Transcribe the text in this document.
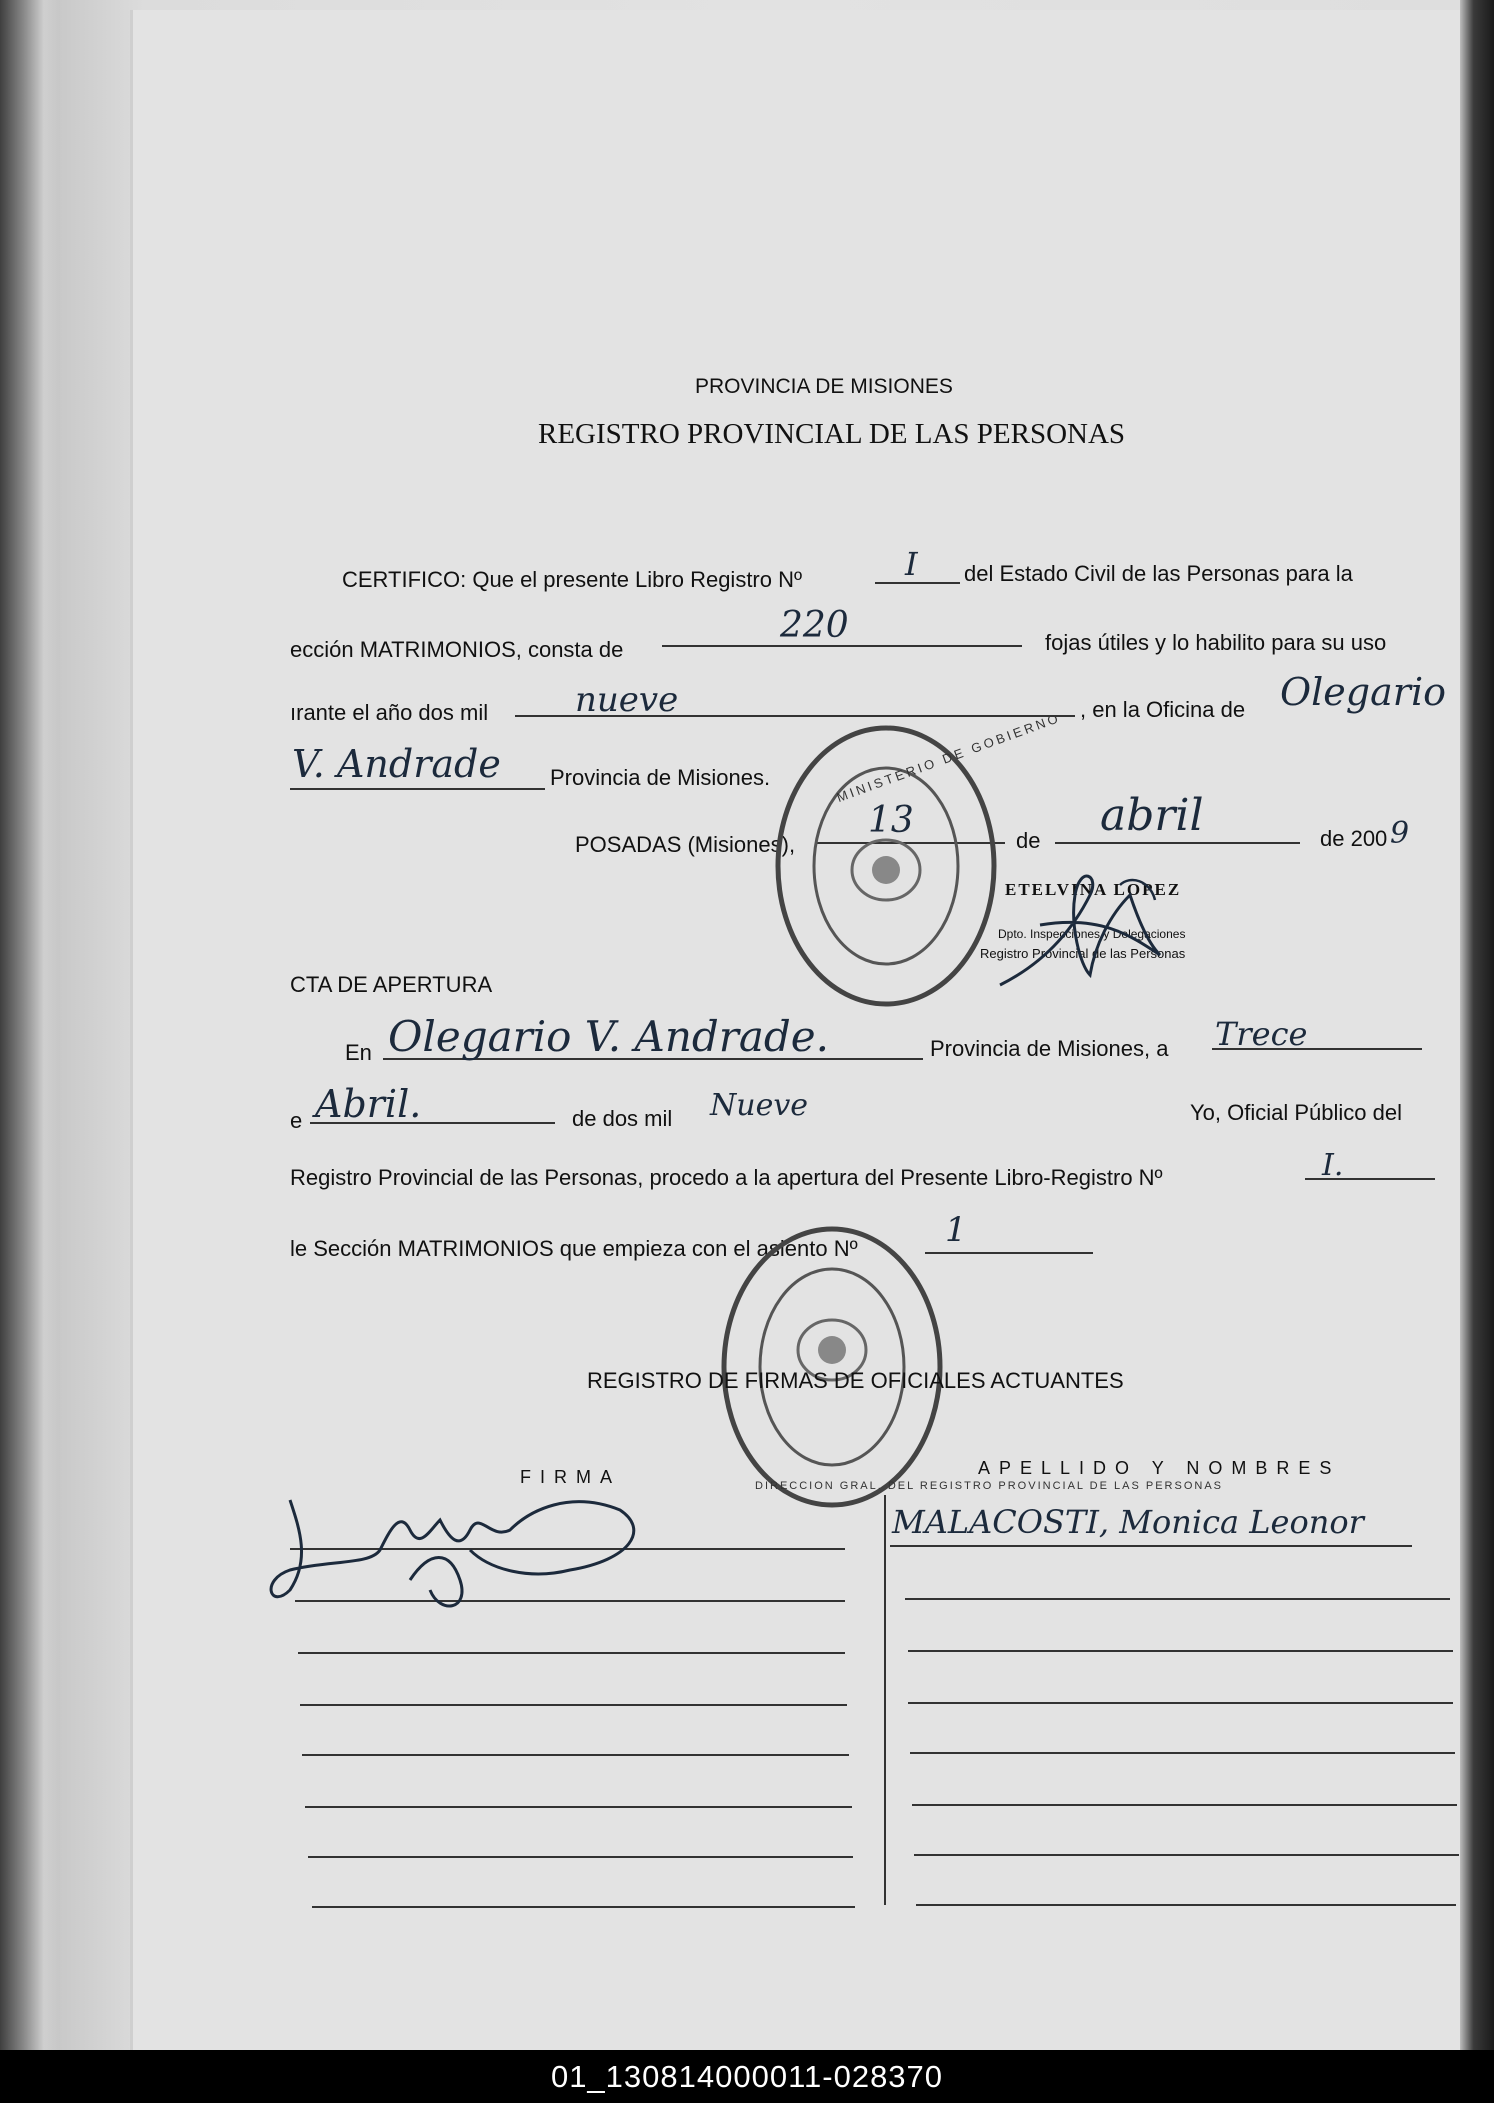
PROVINCIA DE MISIONES
REGISTRO PROVINCIAL DE LAS PERSONAS
CERTIFICO: Que el presente Libro Registro Nº	I del Estado Civil de las Personas para la
ección MATRIMONIOS, consta de
220	fojas útiles y lo habilito para su uso
ırante el año dos mil	nueve	, en la Oficina de Olegario
V. Andrade Provincia de Misiones.
POSADAS (Misiones),
13	de abril	de 200 9
ETELVINA LOPEZ
Dpto. Inspecciones y Delegaciones
Registro Provincial de las Personas
MINISTERIO DE GOBIERNO
CTA DE APERTURA
En Olegario V. Andrade.	Provincia de Misiones, a Trece
e Abril.	de dos mil Nueve	Yo, Oficial Público del
Registro Provincial de las Personas, procedo a la apertura del Presente Libro-Registro Nº	I.
le Sección MATRIMONIOS que empieza con el asiento Nº	1
DIRECCION GRAL. DEL REGISTRO PROVINCIAL DE LAS PERSONAS
REGISTRO DE FIRMAS DE OFICIALES ACTUANTES
FIRMA	APELLIDO Y NOMBRES
MALACOSTI, Monica Leonor
01_130814000011-028370
